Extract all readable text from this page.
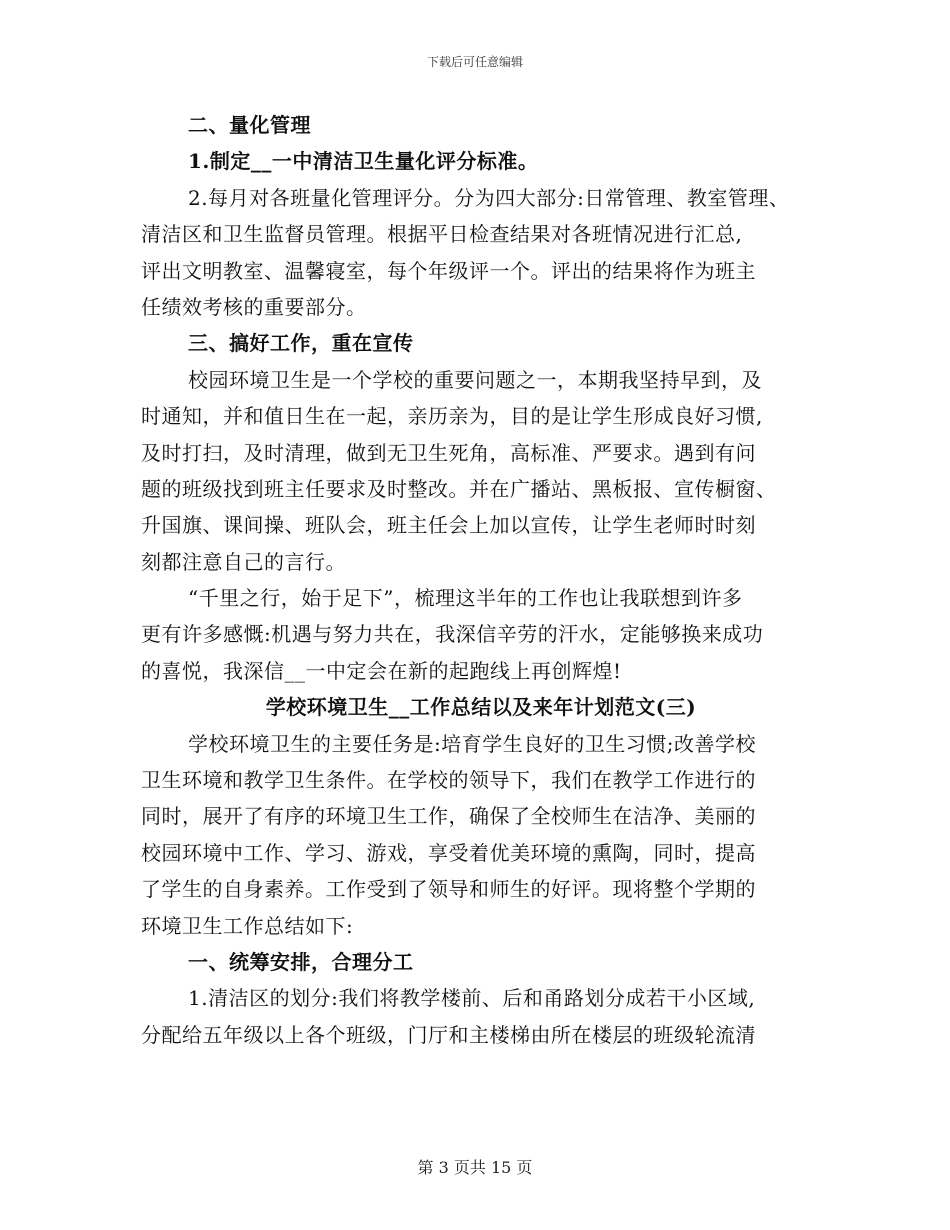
下载后可任意编辑
二、量化管理
1.制定__一中清洁卫生量化评分标准。
2.每月对各班量化管理评分。分为四大部分:日常管理、教室管理、
清洁区和卫生监督员管理。根据平日检查结果对各班情况进行汇总,
评出文明教室、温馨寝室，每个年级评一个。评出的结果将作为班主
任绩效考核的重要部分。
三、搞好工作，重在宣传
校园环境卫生是一个学校的重要问题之一，本期我坚持早到，及
时通知，并和值日生在一起，亲历亲为，目的是让学生形成良好习惯,
及时打扫，及时清理，做到无卫生死角，高标准、严要求。遇到有问
题的班级找到班主任要求及时整改。并在广播站、黑板报、宣传橱窗、
升国旗、课间操、班队会，班主任会上加以宣传，让学生老师时时刻
刻都注意自己的言行。
“千里之行，始于足下”，梳理这半年的工作也让我联想到许多
更有许多感慨:机遇与努力共在，我深信辛劳的汗水，定能够换来成功
的喜悦，我深信__一中定会在新的起跑线上再创辉煌!
学校环境卫生__工作总结以及来年计划范文(三)
学校环境卫生的主要任务是:培育学生良好的卫生习惯;改善学校
卫生环境和教学卫生条件。在学校的领导下，我们在教学工作进行的
同时，展开了有序的环境卫生工作，确保了全校师生在洁净、美丽的
校园环境中工作、学习、游戏，享受着优美环境的熏陶，同时，提高
了学生的自身素养。工作受到了领导和师生的好评。现将整个学期的
环境卫生工作总结如下:
一、统筹安排，合理分工
1.清洁区的划分:我们将教学楼前、后和甬路划分成若干小区域,
分配给五年级以上各个班级，门厅和主楼梯由所在楼层的班级轮流清
第 3 页共 15 页
